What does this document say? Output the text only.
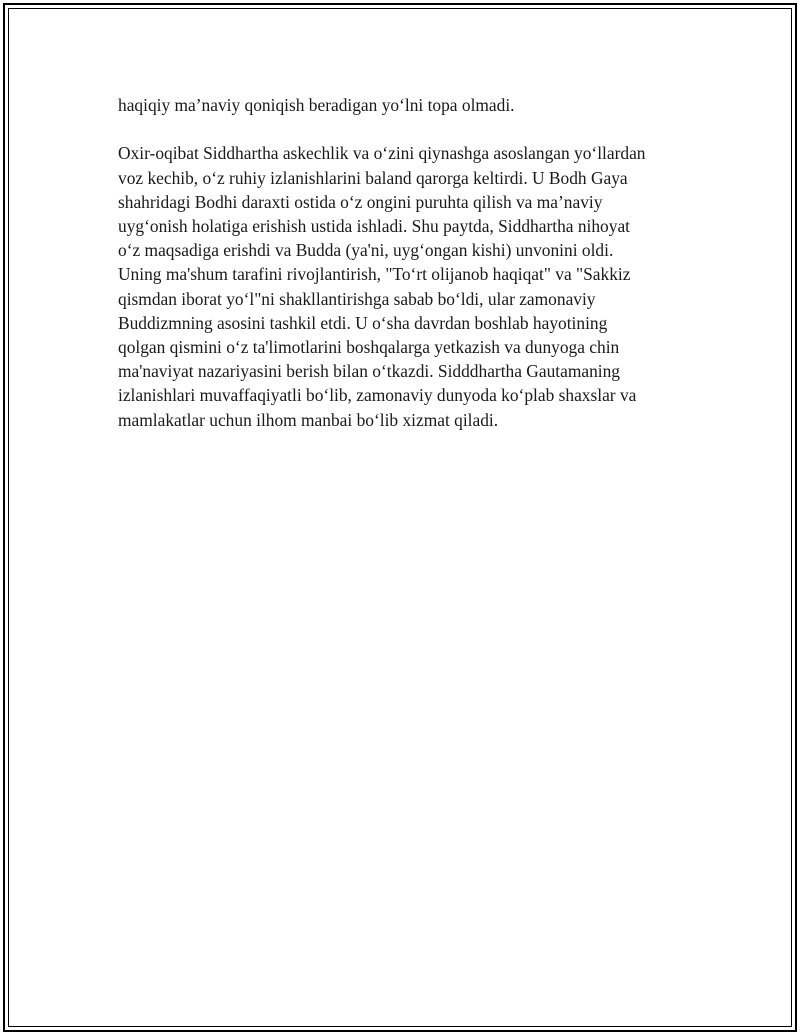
haqiqiy ma’naviy qoniqish beradigan yo‘lni topa olmadi.

Oxir-oqibat Siddhartha askechlik va o‘zini qiynashga asoslangan yo‘llardan

voz kechib, o‘z ruhiy izlanishlarini baland qarorga keltirdi. U Bodh Gaya

shahridagi Bodhi daraxti ostida o‘z ongini puruhta qilish va ma’naviy

uyg‘onish holatiga erishish ustida ishladi. Shu paytda, Siddhartha nihoyat

o‘z maqsadiga erishdi va Budda (ya'ni, uyg‘ongan kishi) unvonini oldi.

Uning ma'shum tarafini rivojlantirish, "To‘rt olijanob haqiqat" va "Sakkiz

qismdan iborat yo‘l"ni shakllantirishga sabab bo‘ldi, ular zamonaviy

Buddizmning asosini tashkil etdi. U o‘sha davrdan boshlab hayotining

qolgan qismini o‘z ta'limotlarini boshqalarga yetkazish va dunyoga chin

ma'naviyat nazariyasini berish bilan o‘tkazdi. Sidddhartha Gautamaning

izlanishlari muvaffaqiyatli bo‘lib, zamonaviy dunyoda ko‘plab shaxslar va

mamlakatlar uchun ilhom manbai bo‘lib xizmat qiladi.
